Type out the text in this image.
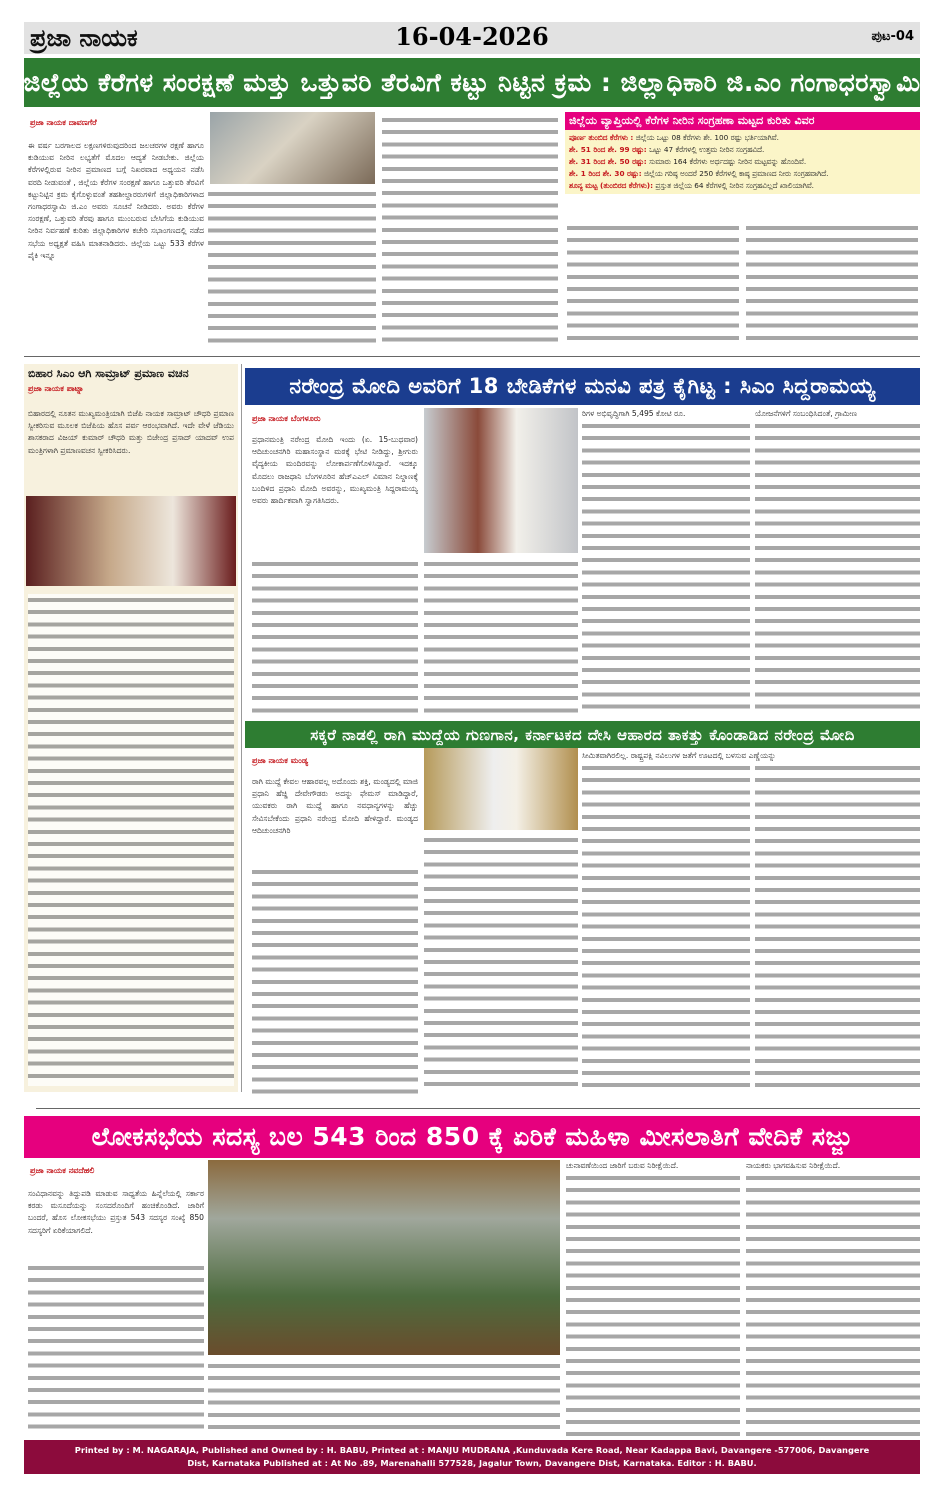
ಪ್ರಜಾ ನಾಯಕ	16-04-2026	ಪುಟ-04
ಜಿಲ್ಲೆಯ ಕೆರೆಗಳ ಸಂರಕ್ಷಣೆ ಮತ್ತು ಒತ್ತುವರಿ ತೆರವಿಗೆ ಕಟ್ಟು ನಿಟ್ಟಿನ ಕ್ರಮ : ಜಿಲ್ಲಾಧಿಕಾರಿ ಜಿ.ಎಂ ಗಂಗಾಧರಸ್ವಾಮಿ
ಪ್ರಜಾ ನಾಯಕ ದಾವಣಗೆರೆ
ಈ ವರ್ಷ ಬರಗಾಲದ ಲಕ್ಷಣಗಳಿರುವುದರಿಂದ ಜಲಚರಗಳ ರಕ್ಷಣೆ ಹಾಗೂ ಕುಡಿಯುವ ನೀರಿನ ಲಭ್ಯತೆಗೆ ಮೊದಲ ಆದ್ಯತೆ ನೀಡಬೇಕು. ಜಿಲ್ಲೆಯ ಕೆರೆಗಳಲ್ಲಿರುವ ನೀರಿನ ಪ್ರಮಾಣದ ಬಗ್ಗೆ ನಿಖರವಾದ ಅಧ್ಯಯನ ನಡೆಸಿ ವರದಿ ನೀಡುವಂತೆ , ಜಿಲ್ಲೆಯ ಕೆರೆಗಳ ಸಂರಕ್ಷಣೆ ಹಾಗೂ ಒತ್ತುವರಿ ತೆರವಿಗೆ ಕಟ್ಟುನಿಟ್ಟಿನ ಕ್ರಮ ಕೈಗೊಳ್ಳುವಂತೆ ತಹಶೀಲ್ದಾರರುಗಳಿಗೆ ಜಿಲ್ಲಾಧಿಕಾರಿಗಳಾದ ಗಂಗಾಧರಸ್ವಾಮಿ ಜಿ.ಎಂ ಅವರು ಸೂಚನೆ ನೀಡಿದರು. ಅವರು ಕೆರೆಗಳ ಸಂರಕ್ಷಣೆ, ಒತ್ತುವರಿ ತೆರವು ಹಾಗೂ ಮುಂಬರುವ ಬೇಸಿಗೆಯ ಕುಡಿಯುವ ನೀರಿನ ನಿರ್ವಹಣೆ ಕುರಿತು ಜಿಲ್ಲಾಧಿಕಾರಿಗಳ ಕಚೇರಿ ಸಭಾಂಗಣದಲ್ಲಿ ನಡೆದ ಸಭೆಯ ಅಧ್ಯಕ್ಷತೆ ವಹಿಸಿ ಮಾತನಾಡಿದರು. ಜಿಲ್ಲೆಯ ಒಟ್ಟು 533 ಕೆರೆಗಳ ಪೈಕಿ ಇನ್ನೂ
ಜಿಲ್ಲೆಯ ವ್ಯಾಪ್ತಿಯಲ್ಲಿ ಕೆರೆಗಳ ನೀರಿನ ಸಂಗ್ರಹಣಾ ಮಟ್ಟದ ಕುರಿತು ವಿವರ
ಪೂರ್ಣ ತುಂಬಿದ ಕೆರೆಗಳು : ಜಿಲ್ಲೆಯ ಒಟ್ಟು 08 ಕೆರೆಗಳು ಶೇ. 100 ರಷ್ಟು ಭರ್ತಿಯಾಗಿವೆ.
ಶೇ. 51 ರಿಂದ ಶೇ. 99 ರಷ್ಟು: ಒಟ್ಟು 47 ಕೆರೆಗಳಲ್ಲಿ ಉತ್ತಮ ನೀರಿನ ಸಂಗ್ರಹವಿದೆ.
ಶೇ. 31 ರಿಂದ ಶೇ. 50 ರಷ್ಟು: ಸುಮಾರು 164 ಕೆರೆಗಳು ಅರ್ಧದಷ್ಟು ನೀರಿನ ಮಟ್ಟವನ್ನು ಹೊಂದಿವೆ.
ಶೇ. 1 ರಿಂದ ಶೇ. 30 ರಷ್ಟು: ಜಿಲ್ಲೆಯ ಗರಿಷ್ಠ ಅಂದರೆ 250 ಕೆರೆಗಳಲ್ಲಿ ಕಾಷ್ಠ ಪ್ರಮಾಣದ ನೀರು ಸಂಗ್ರಹವಾಗಿದೆ.
ಶೂನ್ಯ ಮಟ್ಟ (ತುಂಬಿರದ ಕೆರೆಗಳು): ಪ್ರಸ್ತುತ ಜಿಲ್ಲೆಯ 64 ಕೆರೆಗಳಲ್ಲಿ ನೀರಿನ ಸಂಗ್ರಹವಿಲ್ಲದೆ ಖಾಲಿಯಾಗಿವೆ.
ಬಿಹಾರ ಸಿಎಂ ಆಗಿ ಸಾಮ್ರಾಟ್ ಪ್ರಮಾಣ ವಚನ
ಪ್ರಜಾ ನಾಯಕ ಪಾಟ್ನಾ
ಬಿಹಾರದಲ್ಲಿ ನೂತನ ಮುಖ್ಯಮಂತ್ರಿಯಾಗಿ ಬಿಜೆಪಿ ನಾಯಕ ಸಾಮ್ರಾಟ್ ಚೌಧರಿ ಪ್ರಮಾಣ ಸ್ವೀಕರಿಸುವ ಮೂಲಕ ಬಿಜೆಪಿಯ ಹೊಸ ಪರ್ವ ಆರಂಭವಾಗಿದೆ. ಇದೇ ವೇಳೆ ಜೆಡಿಯು ಶಾಸಕರಾದ ವಿಜಯ್ ಕುಮಾರ್ ಚೌಧರಿ ಮತ್ತು ಬಿಜೇಂದ್ರ ಪ್ರಸಾದ್ ಯಾದವ್ ಉಪ ಮಂತ್ರಿಗಳಾಗಿ ಪ್ರಮಾಣವಚನ ಸ್ವೀಕರಿಸಿದರು.
ನರೇಂದ್ರ ಮೋದಿ ಅವರಿಗೆ 18 ಬೇಡಿಕೆಗಳ ಮನವಿ ಪತ್ರ ಕೈಗಿಟ್ಟ : ಸಿಎಂ ಸಿದ್ದರಾಮಯ್ಯ
ಪ್ರಜಾ ನಾಯಕ ಬೆಂಗಳೂರು
ಪ್ರಧಾನಮಂತ್ರಿ ನರೇಂದ್ರ ಮೋದಿ ಇಂದು (ಏ. 15-ಬುಧವಾರ) ಆದಿಚುಂಚನಗಿರಿ ಮಹಾಸಂಸ್ಥಾನ ಮಠಕ್ಕೆ ಭೇಟಿ ನೀಡಿದ್ದು, ಶ್ರೀಗುರು ವೈದ್ಯಕೀಯ ಮಂದಿರವನ್ನು ಲೋಕಾರ್ಪಣೆಗೊಳಿಸಿದ್ದಾರೆ. ಇದಕ್ಕೂ ಮೊದಲು ರಾಜಧಾನಿ ಬೆಂಗಳೂರಿನ ಹೆಚ್‌ಎಎಲ್ ವಿಮಾನ ನಿಲ್ದಾಣಕ್ಕೆ ಬಂದಿಳಿದ ಪ್ರಧಾನಿ ಮೋದಿ ಅವರನ್ನು, ಮುಖ್ಯಮಂತ್ರಿ ಸಿದ್ದರಾಮಯ್ಯ ಅವರು ಹಾರ್ದಿಕವಾಗಿ ಸ್ವಾಗತಿಸಿದರು.
ರಿಗಳ ಅಭಿವೃದ್ಧಿಗಾಗಿ 5,495 ಕೋಟಿ ರೂ.	ಯೋಜನೆಗಳಿಗೆ ಸಂಬಂಧಿಸಿದಂತೆ, ಗ್ರಾಮೀಣ
ಸಕ್ಕರೆ ನಾಡಲ್ಲಿ ರಾಗಿ ಮುದ್ದೆಯ ಗುಣಗಾನ, ಕರ್ನಾಟಕದ ದೇಸಿ ಆಹಾರದ ತಾಕತ್ತು ಕೊಂಡಾಡಿದ ನರೇಂದ್ರ ಮೋದಿ
ಪ್ರಜಾ ನಾಯಕ ಮಂಡ್ಯ
ರಾಗಿ ಮುದ್ದೆ ಕೇವಲ ಆಹಾರವಲ್ಲ ಅದೊಂದು ಶಕ್ತಿ, ಮಂಡ್ಯದಲ್ಲಿ ಮಾಜಿ ಪ್ರಧಾನಿ ಹೆಚ್ಡಿ ದೇವೇಗೌಡರು ಅದನ್ನು ಫೇಮಸ್ ಮಾಡಿದ್ದಾರೆ, ಯುವಕರು ರಾಗಿ ಮುದ್ದೆ ಹಾಗೂ ನವಧಾನ್ಯಗಳನ್ನು ಹೆಚ್ಚು ಸೇವಿಸಬೇಕೆಂದು ಪ್ರಧಾನಿ ನರೇಂದ್ರ ಮೋದಿ ಹೇಳಿದ್ದಾರೆ. ಮಂಡ್ಯದ ಆದಿಚುಂಚನಗಿರಿ
ಸೀಮಿತವಾಗಿರಲಿಲ್ಲ. ರಾಷ್ಟ್ರಪಕ್ಷಿ ನವಿಲುಗಳ ಜತೆಗೆ ಊಟದಲ್ಲಿ ಬಳಸುವ ಎಣ್ಣೆಯನ್ನು
ಲೋಕಸಭೆಯ ಸದಸ್ಯ ಬಲ 543 ರಿಂದ 850 ಕ್ಕೆ ಏರಿಕೆ ಮಹಿಳಾ ಮೀಸಲಾತಿಗೆ ವೇದಿಕೆ ಸಜ್ಜು
ಪ್ರಜಾ ನಾಯಕ ನವದೆಹಲಿ
ಸಂವಿಧಾನವನ್ನು ತಿದ್ದುಪಡಿ ಮಾಡುವ ಸಾಧ್ಯತೆಯ ಹಿನ್ನೆಲೆಯಲ್ಲಿ ಸರ್ಕಾರ ಕರಡು ಮಸೂದೆಯನ್ನು ಸಂಸದರೊಂದಿಗೆ ಹಂಚಿಕೊಂಡಿದೆ. ಜಾರಿಗೆ ಬಂದರೆ, ಹೊಸ ಲೋಕಸಭೆಯು ಪ್ರಸ್ತುತ 543 ಸದಸ್ಯರ ಸಂಖ್ಯೆ 850 ಸದಸ್ಯರಿಗೆ ಏರಿಕೆಯಾಗಲಿದೆ.
ಚುನಾವಣೆಯಿಂದ ಜಾರಿಗೆ ಬರುವ ನಿರೀಕ್ಷೆಯಿದೆ.	ನಾಯಕರು ಭಾಗವಹಿಸುವ ನಿರೀಕ್ಷೆಯಿದೆ.
Printed by : M. NAGARAJA, Published and Owned by : H. BABU, Printed at : MANJU MUDRANA ,Kunduvada Kere Road, Near Kadappa Bavi, Davangere -577006, Davangere
Dist, Karnataka Published at : At No .89, Marenahalli 577528, Jagalur Town, Davangere Dist, Karnataka. Editor : H. BABU.
